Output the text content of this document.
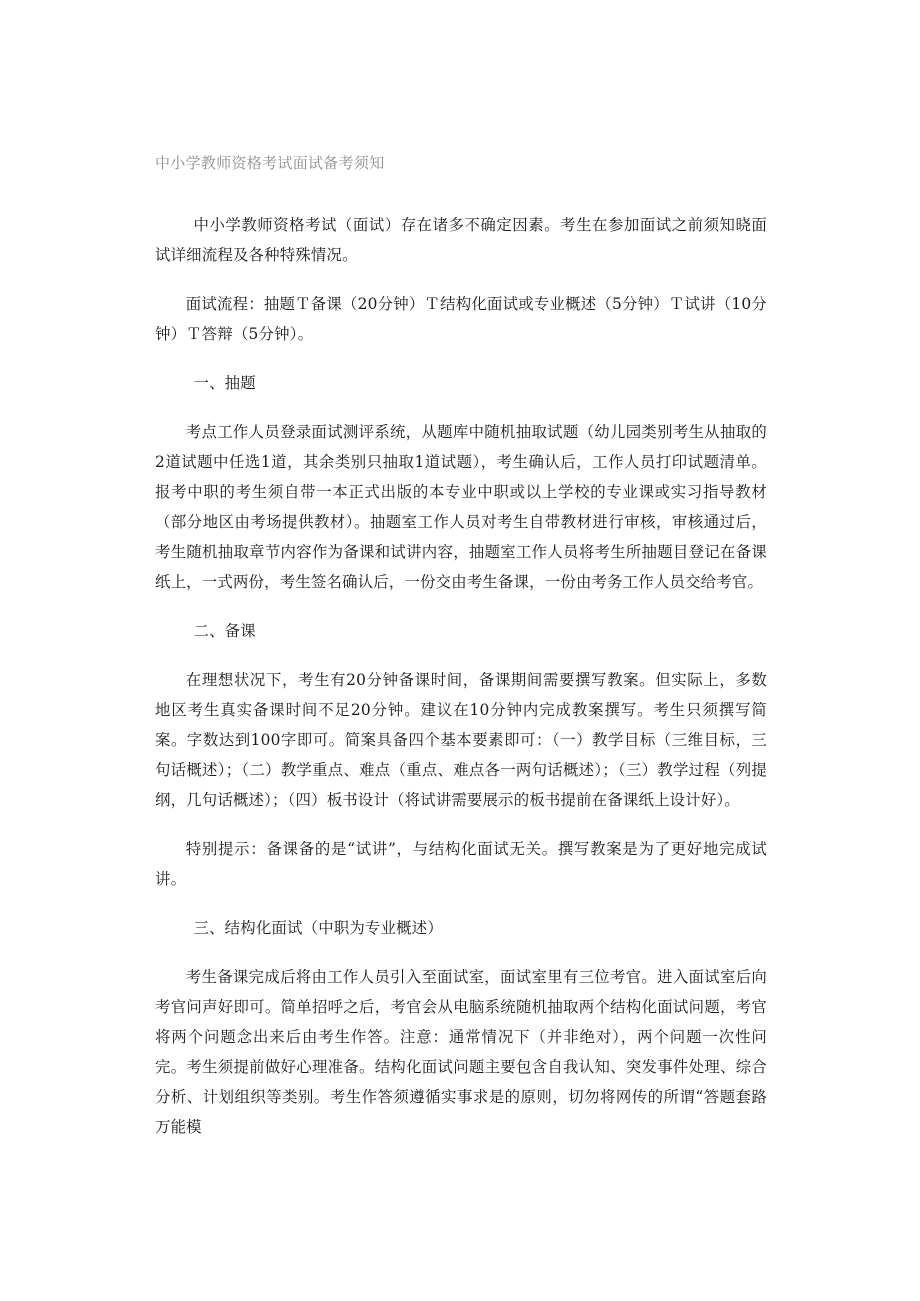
中小学教师资格考试面试备考须知

中小学教师资格考试（面试）存在诸多不确定因素。考生在参加面试之前须知晓面试详细流程及各种特殊情况。

面试流程：抽题Ｔ备课（20分钟）Ｔ结构化面试或专业概述（5分钟）Ｔ试讲（10分钟）Ｔ答辩（5分钟）。

一、抽题

考点工作人员登录面试测评系统，从题库中随机抽取试题（幼儿园类别考生从抽取的2道试题中任选1道，其余类别只抽取1道试题），考生确认后，工作人员打印试题清单。报考中职的考生须自带一本正式出版的本专业中职或以上学校的专业课或实习指导教材（部分地区由考场提供教材）。抽题室工作人员对考生自带教材进行审核，审核通过后，考生随机抽取章节内容作为备课和试讲内容，抽题室工作人员将考生所抽题目登记在备课纸上，一式两份，考生签名确认后，一份交由考生备课，一份由考务工作人员交给考官。

二、备课

在理想状况下，考生有20分钟备课时间，备课期间需要撰写教案。但实际上，多数地区考生真实备课时间不足20分钟。建议在10分钟内完成教案撰写。考生只须撰写简案。字数达到100字即可。简案具备四个基本要素即可：（一）教学目标（三维目标，三句话概述）；（二）教学重点、难点（重点、难点各一两句话概述）；（三）教学过程（列提纲，几句话概述）；（四）板书设计（将试讲需要展示的板书提前在备课纸上设计好）。

特别提示：备课备的是“试讲”，与结构化面试无关。撰写教案是为了更好地完成试讲。

三、结构化面试（中职为专业概述）

考生备课完成后将由工作人员引入至面试室，面试室里有三位考官。进入面试室后向考官问声好即可。简单招呼之后，考官会从电脑系统随机抽取两个结构化面试问题，考官将两个问题念出来后由考生作答。注意：通常情况下（并非绝对），两个问题一次性问完。考生须提前做好心理准备。结构化面试问题主要包含自我认知、突发事件处理、综合分析、计划组织等类别。考生作答须遵循实事求是的原则，切勿将网传的所谓“答题套路万能模
